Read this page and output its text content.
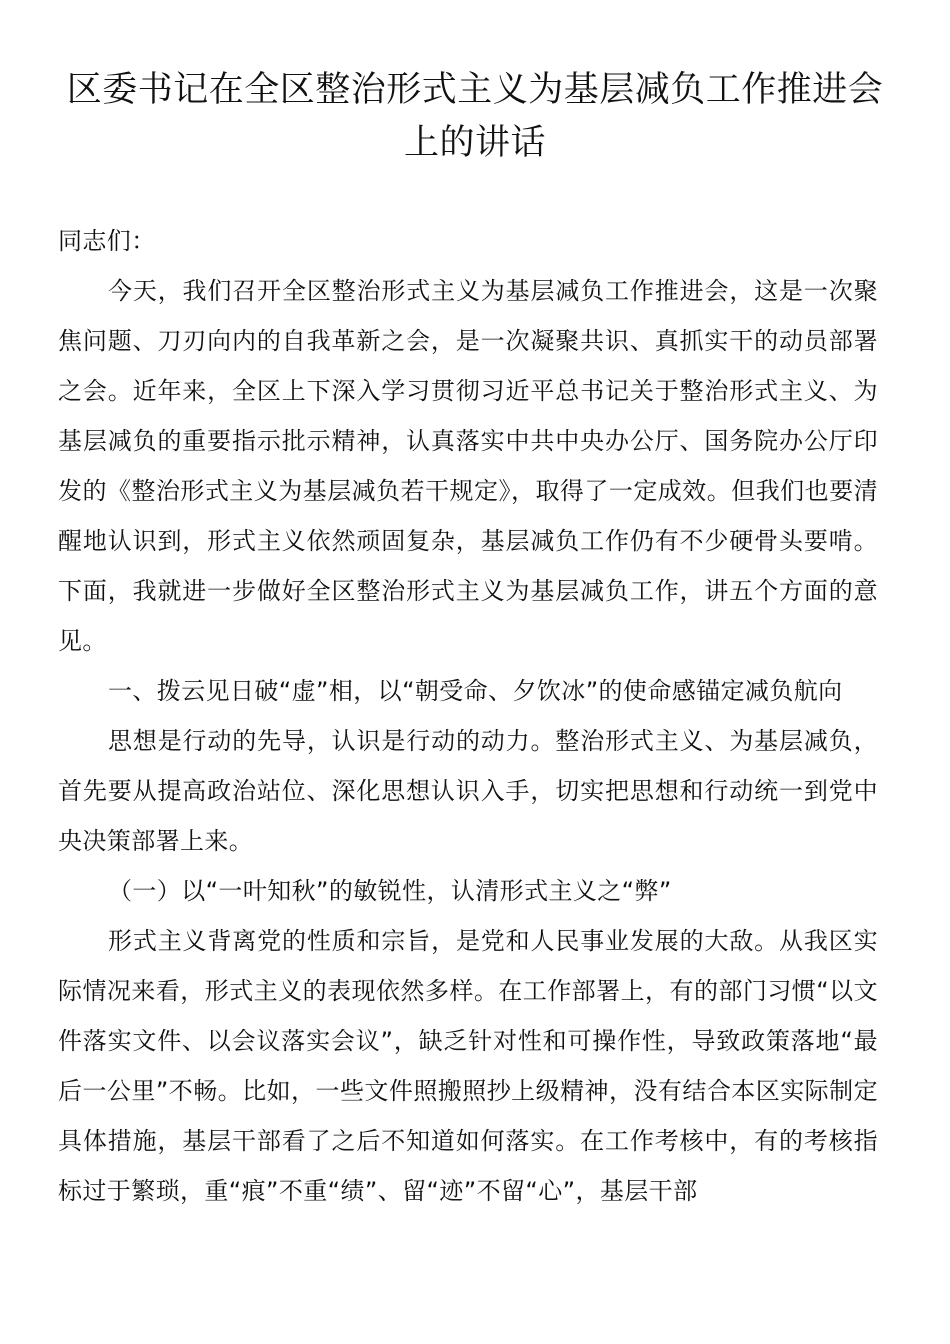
区委书记在全区整治形式主义为基层减负工作推进会上的讲话

同志们：

今天，我们召开全区整治形式主义为基层减负工作推进会，这是一次聚焦问题、刀刃向内的自我革新之会，是一次凝聚共识、真抓实干的动员部署之会。近年来，全区上下深入学习贯彻习近平总书记关于整治形式主义、为基层减负的重要指示批示精神，认真落实中共中央办公厅、国务院办公厅印发的《整治形式主义为基层减负若干规定》，取得了一定成效。但我们也要清醒地认识到，形式主义依然顽固复杂，基层减负工作仍有不少硬骨头要啃。下面，我就进一步做好全区整治形式主义为基层减负工作，讲五个方面的意见。

一、拨云见日破“虚”相，以“朝受命、夕饮冰”的使命感锚定减负航向

思想是行动的先导，认识是行动的动力。整治形式主义、为基层减负，首先要从提高政治站位、深化思想认识入手，切实把思想和行动统一到党中央决策部署上来。

（一）以“一叶知秋”的敏锐性，认清形式主义之“弊”

形式主义背离党的性质和宗旨，是党和人民事业发展的大敌。从我区实际情况来看，形式主义的表现依然多样。在工作部署上，有的部门习惯“以文件落实文件、以会议落实会议”，缺乏针对性和可操作性，导致政策落地“最后一公里”不畅。比如，一些文件照搬照抄上级精神，没有结合本区实际制定具体措施，基层干部看了之后不知道如何落实。在工作考核中，有的考核指标过于繁琐，重“痕”不重“绩”、留“迹”不留“心”，基层干部
